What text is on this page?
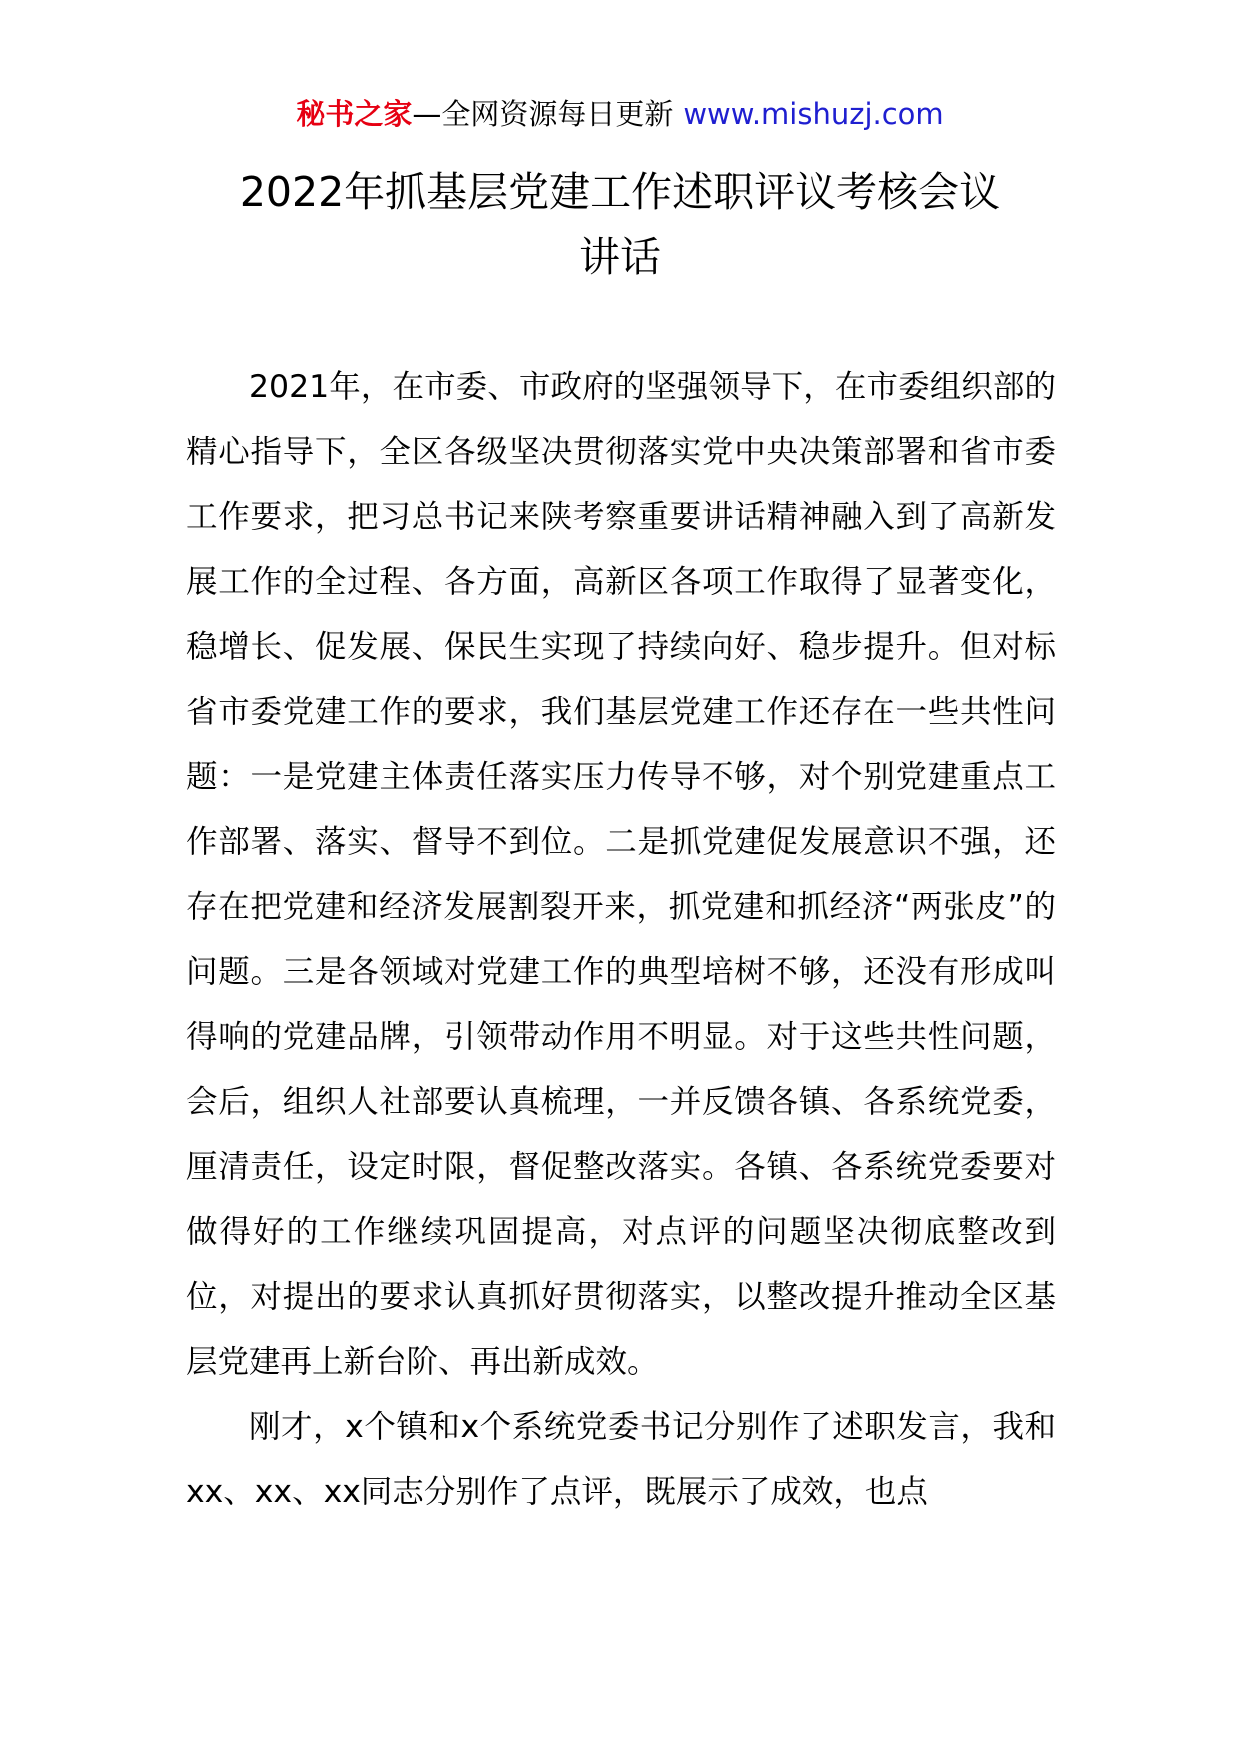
秘书之家—全网资源每日更新 www.mishuzj.com
2022年抓基层党建工作述职评议考核会议
讲话

2021年，在市委、市政府的坚强领导下，在市委组织部的精心指导下，全区各级坚决贯彻落实党中央决策部署和省市委工作要求，把习总书记来陕考察重要讲话精神融入到了高新发展工作的全过程、各方面，高新区各项工作取得了显著变化，稳增长、促发展、保民生实现了持续向好、稳步提升。但对标省市委党建工作的要求，我们基层党建工作还存在一些共性问题：一是党建主体责任落实压力传导不够，对个别党建重点工作部署、落实、督导不到位。二是抓党建促发展意识不强，还存在把党建和经济发展割裂开来，抓党建和抓经济“两张皮”的问题。三是各领域对党建工作的典型培树不够，还没有形成叫得响的党建品牌，引领带动作用不明显。对于这些共性问题，会后，组织人社部要认真梳理，一并反馈各镇、各系统党委，厘清责任，设定时限，督促整改落实。各镇、各系统党委要对做得好的工作继续巩固提高，对点评的问题坚决彻底整改到位，对提出的要求认真抓好贯彻落实，以整改提升推动全区基层党建再上新台阶、再出新成效。

刚才，x个镇和x个系统党委书记分别作了述职发言，我和xx、xx、xx同志分别作了点评，既展示了成效，也点
